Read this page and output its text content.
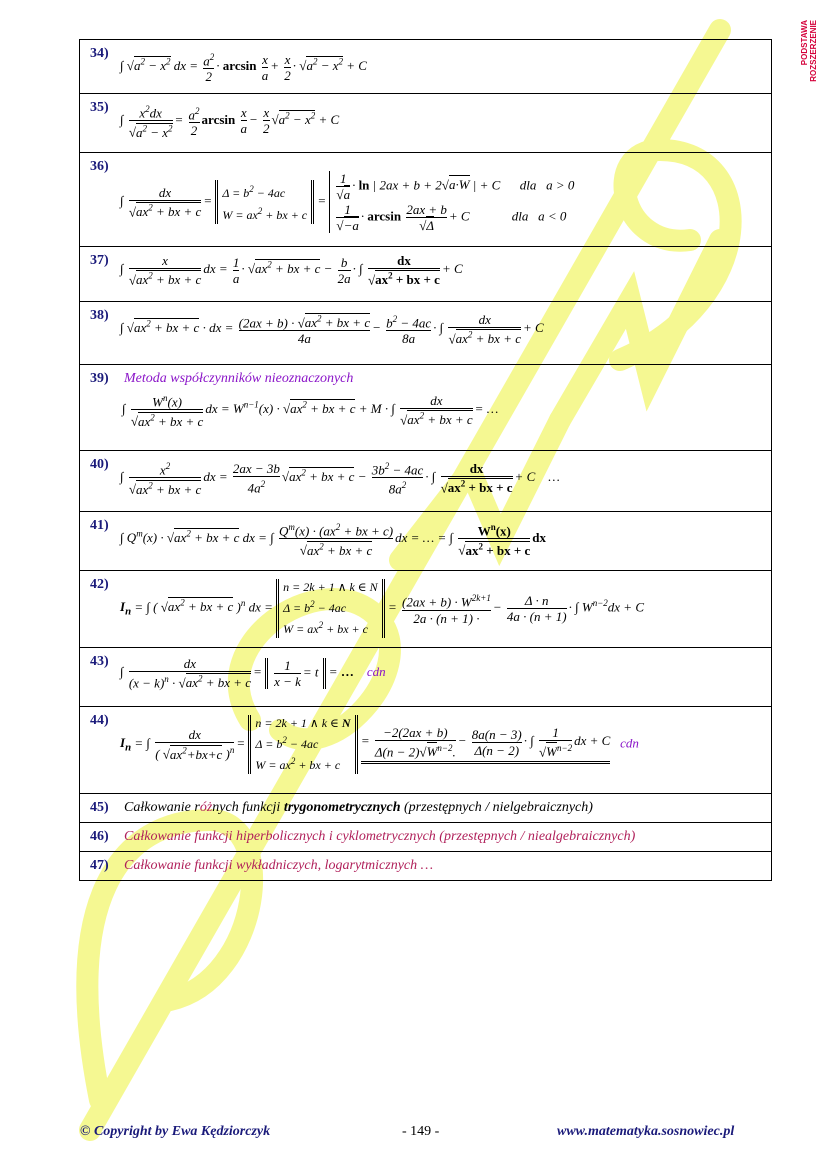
PODSTAWA ROZSZERZENIE
34)
∫ $√a^2 - x^2$ dx = $\frac{a^2}{2} \cdot \arcsin \frac{x}{a} + \frac{x}{2} \cdot √a^2 - x^2 + C$

35)
∫ $\frac{x^2dx}{√a^2 - x^2} = \frac{a^2}{2}$ $\arcsin \frac{x}{a} - \frac{x}{2} √a^2 - x^2 + C$

36)
∫ $\frac{dx}{√ax^2 + bx + c} = \Delta = b^2 - 4ac$
$W = ax^2$ + bx + $c = \frac{1}{√a} \cdot \ln$ | 2ax + b + 2√a·W | + C      dla   a > 0

$\frac{1}{√-a} \cdot \arcsin \frac{2ax + b}{√\Delta} + C$             dla   a < 0

37)
∫ $\frac{x}{√ax^2 + bx + c}$ dx = $\frac{1}{a} \cdot √ax^2$ + bx + $c - \frac{b}{2a}$ · ∫ $\frac{dx}{√ax^2 + bx + c} + C$

38)
∫ $√ax^2$ + bx + c · dx = $\frac{(2ax + b) \cdot √ax^2 + bx + c}{4a} - \frac{b^2 - 4ac}{8a}$ · ∫ $\frac{dx}{√ax^2 + bx + c} + C$

39) Metoda współczynników nieoznaczonych
∫ $\frac{W^n(x)}{√ax^2 + bx + c}$ dx = $W^{n-1}(x) \cdot √ax^2$ + bx + c + M · ∫ $\frac{dx}{√ax^2 + bx + c}$ = …

40)
∫ $\frac{x^2}{√ax^2 + bx + c}$ dx = $\frac{2ax - 3b}{4a^2} √ax^2$ + bx + $c - \frac{3b^2 - 4ac}{8a^2}$ · ∫ $\frac{dx}{√ax^2 + bx + c} + C$    …

41)
∫ $Q^m(x) \cdot √ax^2$ + bx + c dx = ∫ $\frac{Q^m(x) \cdot (ax^2 + bx + c)}{√ax^2 + bx + c}$ dx = … = ∫ $\frac{W^n(x)}{√ax^2 + bx + c}$ dx

42)
$I_n$ = ∫ ( $√ax^2$ + bx + c )$^n$ dx = n = 2k + 1 ∧ k ∈ N
$\Delta = b^2 - 4ac$
$W = ax^2$ + bx + $c = \frac{(2ax + b) \cdot W^{2k+1}}{2a \cdot (n + 1) \cdot} - \frac{\Delta \cdot n}{4a \cdot (n + 1)}$ · ∫ $W^{n-2}dx + C$

43)
∫ $\frac{dx}{(x - k)^n \cdot √ax^2 + bx + c} = \frac{1}{x - k} = t$ = … cdn

44)
$I_n$ = ∫ $\frac{dx}{( √ax^2+bx+c )^n} = n = 2k + 1$ ∧ k ∈ N
$\Delta = b^2 - 4ac$
$W = ax^2$ + bx + $c = \frac{-2(2ax + b)}{\Delta(n - 2)√W^{n-2}.} - \frac{8a(n - 3)}{\Delta(n - 2)}$ · ∫ $\frac{1}{√W^{n-2}}$ dx + C cdn

45) Całkowanie różnych funkcji trygonometrycznych (przestępnych / nielgebraicznych)
46) Całkowanie funkcji hiperbolicznych i cyklometrycznych (przestępnych / niealgebraicznych)
47) Całkowanie funkcji wykładniczych, logarytmicznych …
© Copyright by Ewa Kędziorczyk	- 149 -	www.matematyka.sosnowiec.pl
